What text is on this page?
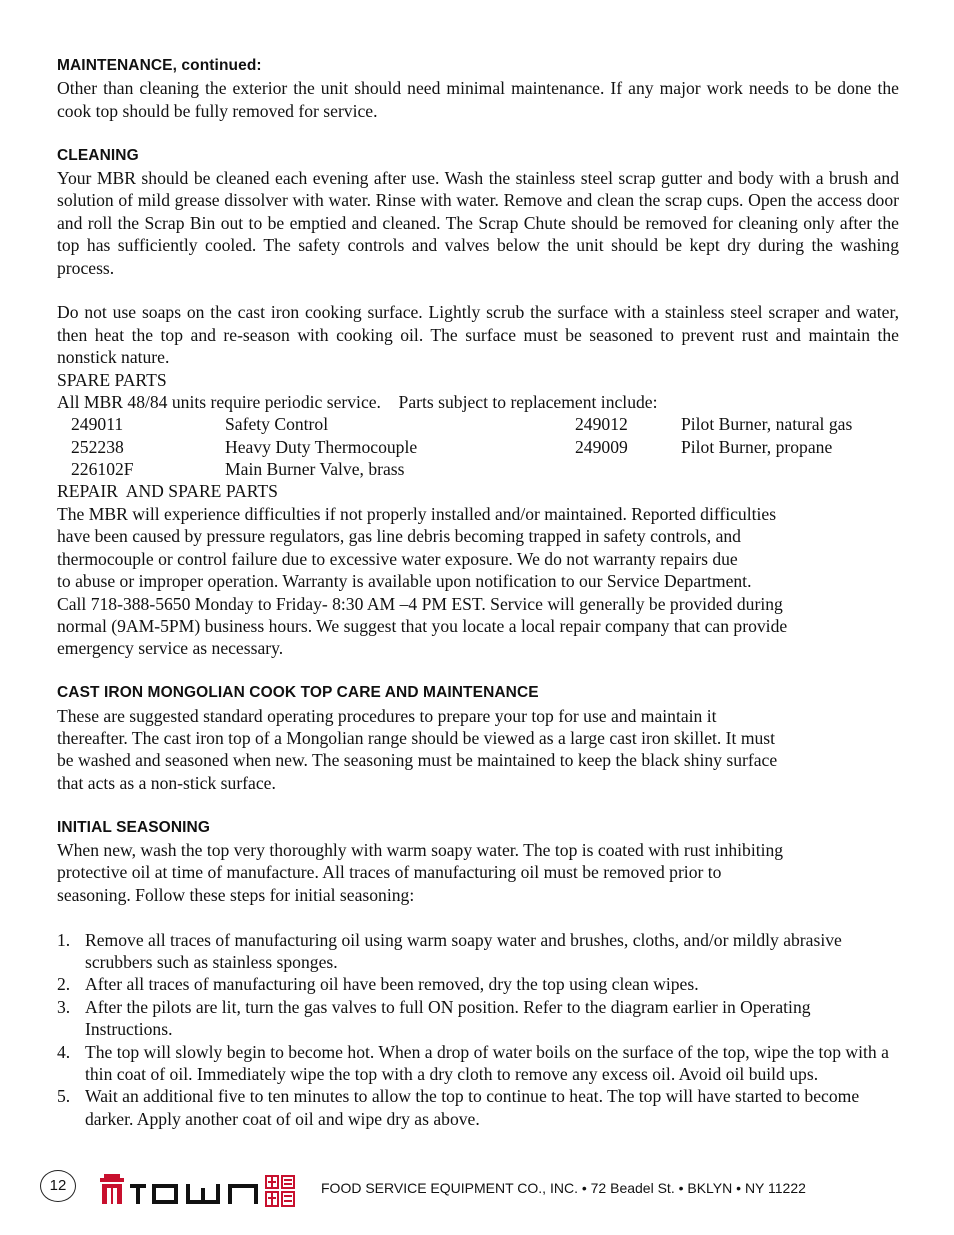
MAINTENANCE, continued:
Other than cleaning the exterior the unit should need minimal maintenance. If any major work needs to be done the cook top should be fully removed for service.
CLEANING
Your MBR should be cleaned each evening after use. Wash the stainless steel scrap gutter and body with a brush and solution of mild grease dissolver with water. Rinse with water. Remove and clean the scrap cups. Open the access door and roll the Scrap Bin out to be emptied and cleaned. The Scrap Chute should be removed for cleaning only after the top has sufficiently cooled. The safety controls and valves below the unit should be kept dry during the washing process.
Do not use soaps on the cast iron cooking surface. Lightly scrub the surface with a stainless steel scraper and water, then heat the top and re-season with cooking oil. The surface must be seasoned to prevent rust and maintain the nonstick nature.
SPARE PARTS
All MBR 48/84 units require periodic service.    Parts subject to replacement include:
249011	Safety Control	249012	Pilot Burner, natural gas
252238	Heavy Duty Thermocouple	249009	Pilot Burner, propane
226102F	Main Burner Valve, brass
REPAIR  AND SPARE PARTS
The MBR will experience difficulties if not properly installed and/or maintained. Reported difficulties
have been caused by pressure regulators, gas line debris becoming trapped in safety controls, and
thermocouple or control failure due to excessive water exposure. We do not warranty repairs due
to abuse or improper operation. Warranty is available upon notification to our Service Department.
Call 718-388-5650 Monday to Friday- 8:30 AM –4 PM EST. Service will generally be provided during
normal (9AM-5PM) business hours. We suggest that you locate a local repair company that can provide
emergency service as necessary.
CAST IRON MONGOLIAN COOK TOP CARE AND MAINTENANCE
These are suggested standard operating procedures to prepare your top for use and maintain it
thereafter. The cast iron top of a Mongolian range should be viewed as a large cast iron skillet. It must
be washed and seasoned when new. The seasoning must be maintained to keep the black shiny surface
that acts as a non-stick surface.
INITIAL SEASONING
When new, wash the top very thoroughly with warm soapy water. The top is coated with rust inhibiting
protective oil at time of manufacture. All traces of manufacturing oil must be removed prior to
seasoning. Follow these steps for initial seasoning:
1. Remove all traces of manufacturing oil using warm soapy water and brushes, cloths, and/or mildly abrasive scrubbers such as stainless sponges.
2. After all traces of manufacturing oil have been removed, dry the top using clean wipes.
3. After the pilots are lit, turn the gas valves to full ON position. Refer to the diagram earlier in Operating Instructions.
4. The top will slowly begin to become hot. When a drop of water boils on the surface of the top, wipe the top with a thin coat of oil. Immediately wipe the top with a dry cloth to remove any excess oil. Avoid oil build ups.
5. Wait an additional five to ten minutes to allow the top to continue to heat. The top will have started to become darker. Apply another coat of oil and wipe dry as above.
12	FOOD SERVICE EQUIPMENT CO., INC. • 72 Beadel St. • BKLYN • NY 11222
